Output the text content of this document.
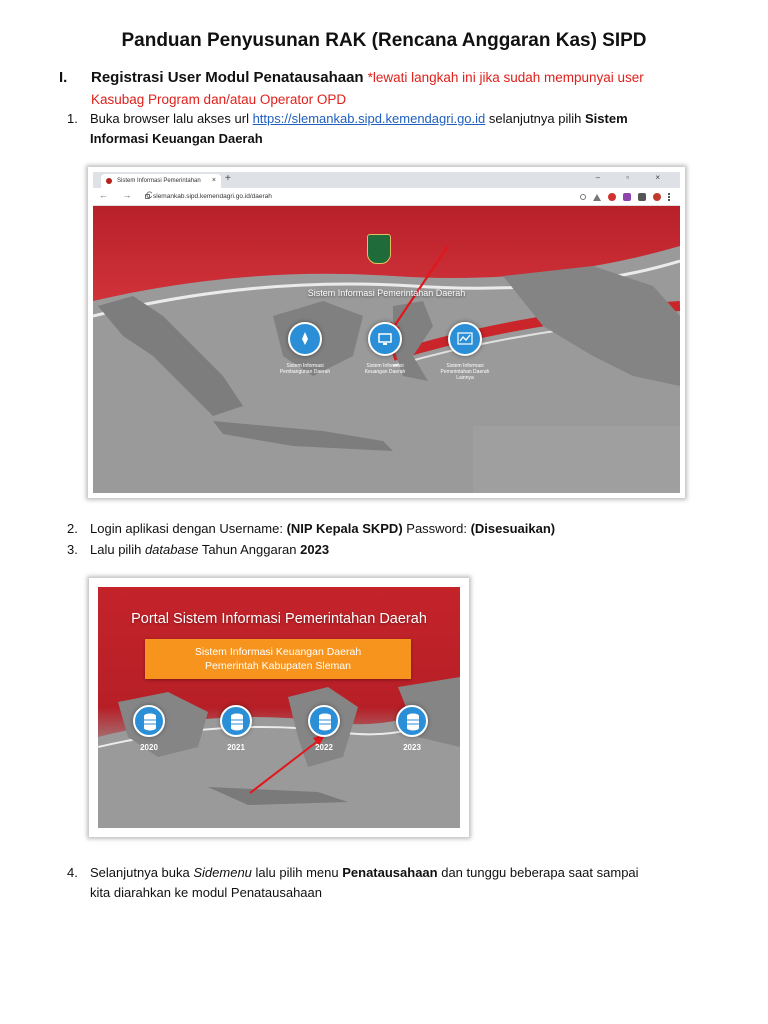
Panduan Penyusunan RAK (Rencana Anggaran Kas) SIPD
I. Registrasi User Modul Penatausahaan *lewati langkah ini jika sudah mempunyai user
Kasubag Program dan/atau Operator OPD
1. Buka browser lalu akses url https://slemankab.sipd.kemendagri.go.id selanjutnya pilih Sistem
Informasi Keuangan Daerah
Sistem Informasi Pemerintahan × +	– ▫ ×
← → C
slemankab.sipd.kemendagri.go.id/daerah
Sistem Informasi Pemerintahan Daerah
Sistem Informasi
Pembangunan Daerah
Sistem Informasi
Keuangan Daerah
Sistem Informasi
Pemerintahan Daerah
Lainnya
2. Login aplikasi dengan Username: (NIP Kepala SKPD) Password: (Disesuaikan)
3. Lalu pilih database Tahun Anggaran 2023
Portal Sistem Informasi Pemerintahan Daerah
Sistem Informasi Keuangan Daerah
Pemerintah Kabupaten Sleman
2020	2021	2022	2023
4. Selanjutnya buka Sidemenu lalu pilih menu Penatausahaan dan tunggu beberapa saat sampai
kita diarahkan ke modul Penatausahaan
